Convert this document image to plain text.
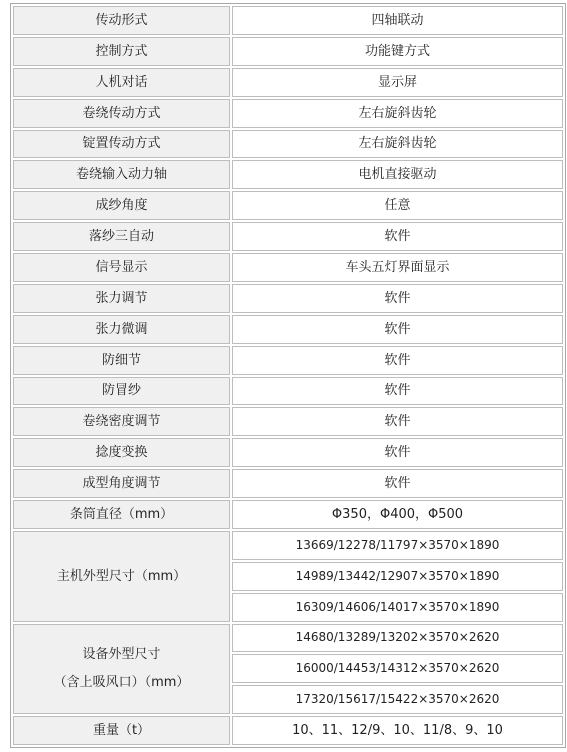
传动形式	四轴联动
控制方式	功能键方式
人机对话	显示屏
卷绕传动方式	左右旋斜齿轮
锭置传动方式	左右旋斜齿轮
卷绕输入动力轴	电机直接驱动
成纱角度	任意
落纱三自动	软件
信号显示	车头五灯界面显示
张力调节	软件
张力微调	软件
防细节	软件
防冒纱	软件
卷绕密度调节	软件
捻度变换	软件
成型角度调节	软件
条筒直径（mm）	Φ350，Φ400，Φ500
主机外型尺寸（mm）	13669/12278/11797×3570×1890
	14989/13442/12907×3570×1890
	16309/14606/14017×3570×1890

设备外型尺寸
（含上吸风口）（mm）	14680/13289/13202×3570×2620
	16000/14453/14312×3570×2620
	17320/15617/15422×3570×2620
重量（t）	10、11、12/9、10、11/8、9、10
